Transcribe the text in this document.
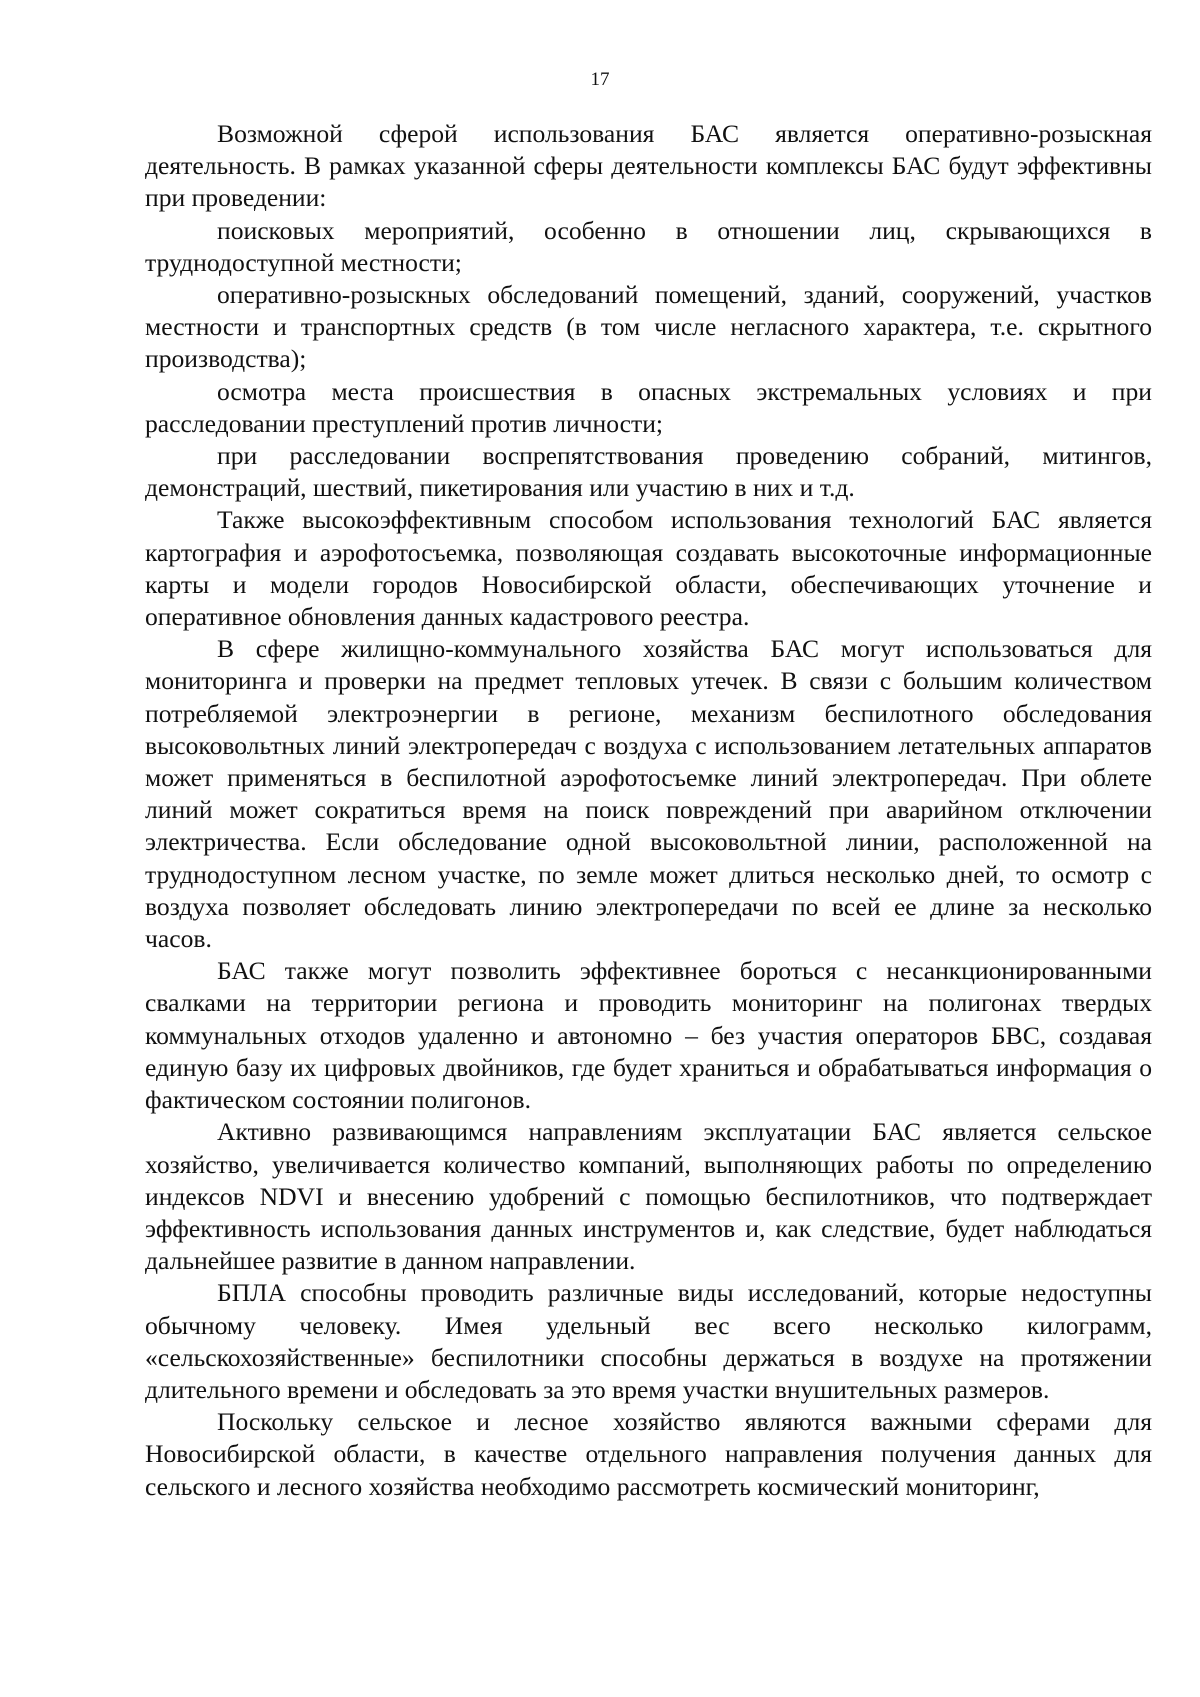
17

Возможной сферой использования БАС является оперативно-розыскная деятельность. В рамках указанной сферы деятельности комплексы БАС будут эффективны при проведении:

поисковых мероприятий, особенно в отношении лиц, скрывающихся в труднодоступной местности;

оперативно-розыскных обследований помещений, зданий, сооружений, участков местности и транспортных средств (в том числе негласного характера, т.е. скрытного производства);

осмотра места происшествия в опасных экстремальных условиях и при расследовании преступлений против личности;

при расследовании воспрепятствования проведению собраний, митингов, демонстраций, шествий, пикетирования или участию в них и т.д.

Также высокоэффективным способом использования технологий БАС является картография и аэрофотосъемка, позволяющая создавать высокоточные информационные карты и модели городов Новосибирской области, обеспечивающих уточнение и оперативное обновления данных кадастрового реестра.

В сфере жилищно-коммунального хозяйства БАС могут использоваться для мониторинга и проверки на предмет тепловых утечек. В связи с большим количеством потребляемой электроэнергии в регионе, механизм беспилотного обследования высоковольтных линий электропередач с воздуха с использованием летательных аппаратов может применяться в беспилотной аэрофотосъемке линий электропередач. При облете линий может сократиться время на поиск повреждений при аварийном отключении электричества. Если обследование одной высоковольтной линии, расположенной на труднодоступном лесном участке, по земле может длиться несколько дней, то осмотр с воздуха позволяет обследовать линию электропередачи по всей ее длине за несколько часов.

БАС также могут позволить эффективнее бороться с несанкционированными свалками на территории региона и проводить мониторинг на полигонах твердых коммунальных отходов удаленно и автономно – без участия операторов БВС, создавая единую базу их цифровых двойников, где будет храниться и обрабатываться информация о фактическом состоянии полигонов.

Активно развивающимся направлениям эксплуатации БАС является сельское хозяйство, увеличивается количество компаний, выполняющих работы по определению индексов NDVI и внесению удобрений с помощью беспилотников, что подтверждает эффективность использования данных инструментов и, как следствие, будет наблюдаться дальнейшее развитие в данном направлении.

БПЛА способны проводить различные виды исследований, которые недоступны обычному человеку. Имея удельный вес всего несколько килограмм, «сельскохозяйственные» беспилотники способны держаться в воздухе на протяжении длительного времени и обследовать за это время участки внушительных размеров.

Поскольку сельское и лесное хозяйство являются важными сферами для Новосибирской области, в качестве отдельного направления получения данных для сельского и лесного хозяйства необходимо рассмотреть космический мониторинг,
